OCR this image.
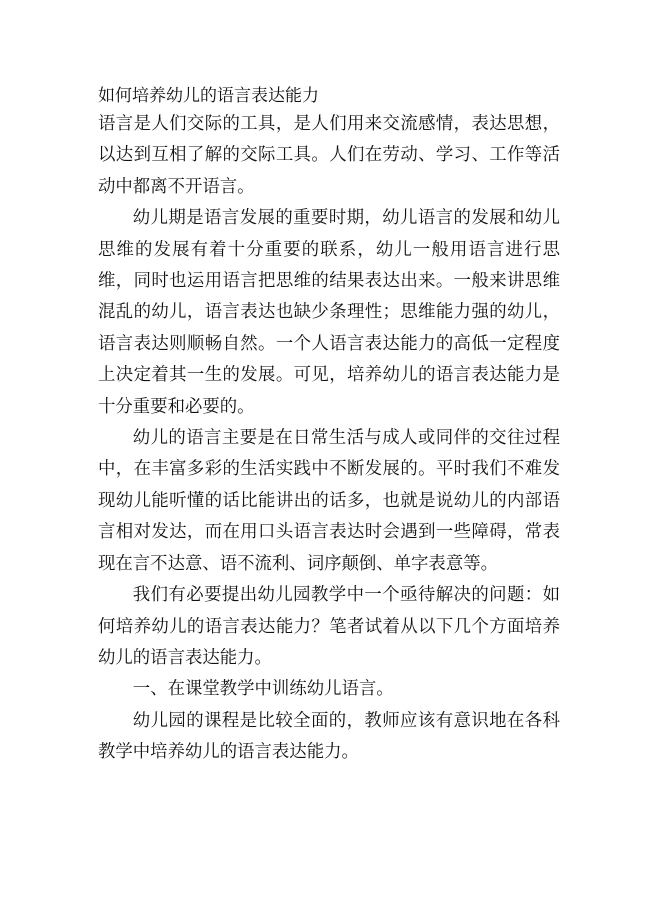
如何培养幼儿的语言表达能力

语言是人们交际的工具，是人们用来交流感情，表达思想，以达到互相了解的交际工具。人们在劳动、学习、工作等活动中都离不开语言。

幼儿期是语言发展的重要时期，幼儿语言的发展和幼儿思维的发展有着十分重要的联系，幼儿一般用语言进行思维，同时也运用语言把思维的结果表达出来。一般来讲思维混乱的幼儿，语言表达也缺少条理性；思维能力强的幼儿，语言表达则顺畅自然。一个人语言表达能力的高低一定程度上决定着其一生的发展。可见，培养幼儿的语言表达能力是十分重要和必要的。

幼儿的语言主要是在日常生活与成人或同伴的交往过程中，在丰富多彩的生活实践中不断发展的。平时我们不难发现幼儿能听懂的话比能讲出的话多，也就是说幼儿的内部语言相对发达，而在用口头语言表达时会遇到一些障碍，常表现在言不达意、语不流利、词序颠倒、单字表意等。

我们有必要提出幼儿园教学中一个亟待解决的问题：如何培养幼儿的语言表达能力？笔者试着从以下几个方面培养幼儿的语言表达能力。

一、在课堂教学中训练幼儿语言。

幼儿园的课程是比较全面的，教师应该有意识地在各科教学中培养幼儿的语言表达能力。
